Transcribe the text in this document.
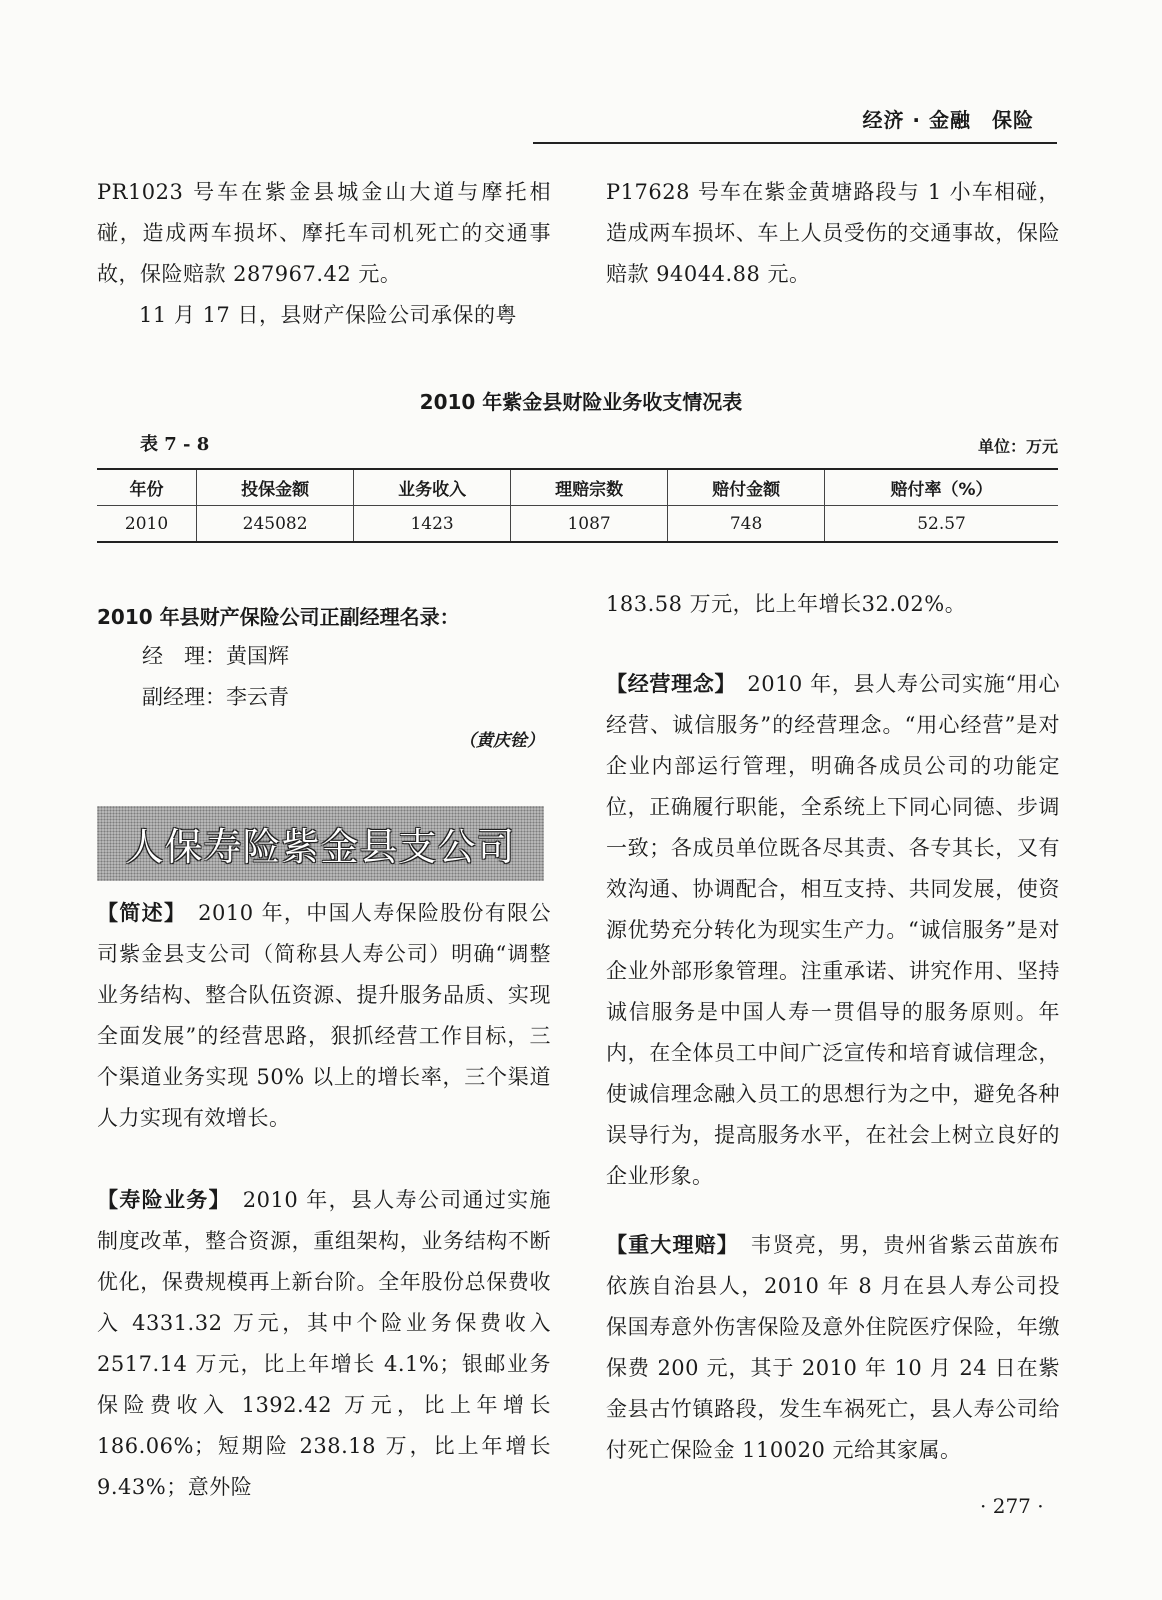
经济 · 金融　保险
PR1023 号车在紫金县城金山大道与摩托相碰，造成两车损坏、摩托车司机死亡的交通事故，保险赔款 287967.42 元。
11 月 17 日，县财产保险公司承保的粤
P17628 号车在紫金黄塘路段与 1 小车相碰，造成两车损坏、车上人员受伤的交通事故，保险赔款 94044.88 元。
2010 年紫金县财险业务收支情况表
表 7 - 8	单位：万元
年份	投保金额	业务收入	理赔宗数	赔付金额	赔付率（%）
2010	245082	1423	1087	748	52.57
2010 年县财产保险公司正副经理名录：
经　理：黄国辉
副经理：李云青
（黄庆铨）
人保寿险紫金县支公司
【简述】　2010 年，中国人寿保险股份有限公司紫金县支公司（简称县人寿公司）明确“调整业务结构、整合队伍资源、提升服务品质、实现全面发展”的经营思路，狠抓经营工作目标，三个渠道业务实现 50% 以上的增长率，三个渠道人力实现有效增长。
【寿险业务】　2010 年，县人寿公司通过实施制度改革，整合资源，重组架构，业务结构不断优化，保费规模再上新台阶。全年股份总保费收入 4331.32 万元，其中个险业务保费收入 2517.14 万元，比上年增长 4.1%；银邮业务保险费收入 1392.42 万元，比上年增长186.06%；短期险 238.18 万，比上年增长9.43%；意外险
183.58 万元，比上年增长32.02%。
【经营理念】　2010 年，县人寿公司实施“用心经营、诚信服务”的经营理念。“用心经营”是对企业内部运行管理，明确各成员公司的功能定位，正确履行职能，全系统上下同心同德、步调一致；各成员单位既各尽其责、各专其长，又有效沟通、协调配合，相互支持、共同发展，使资源优势充分转化为现实生产力。“诚信服务”是对企业外部形象管理。注重承诺、讲究作用、坚持诚信服务是中国人寿一贯倡导的服务原则。年内，在全体员工中间广泛宣传和培育诚信理念，使诚信理念融入员工的思想行为之中，避免各种误导行为，提高服务水平，在社会上树立良好的企业形象。
【重大理赔】　韦贤亮，男，贵州省紫云苗族布依族自治县人，2010 年 8 月在县人寿公司投保国寿意外伤害保险及意外住院医疗保险，年缴保费 200 元，其于 2010 年 10 月 24 日在紫金县古竹镇路段，发生车祸死亡，县人寿公司给付死亡保险金 110020 元给其家属。
· 277 ·
